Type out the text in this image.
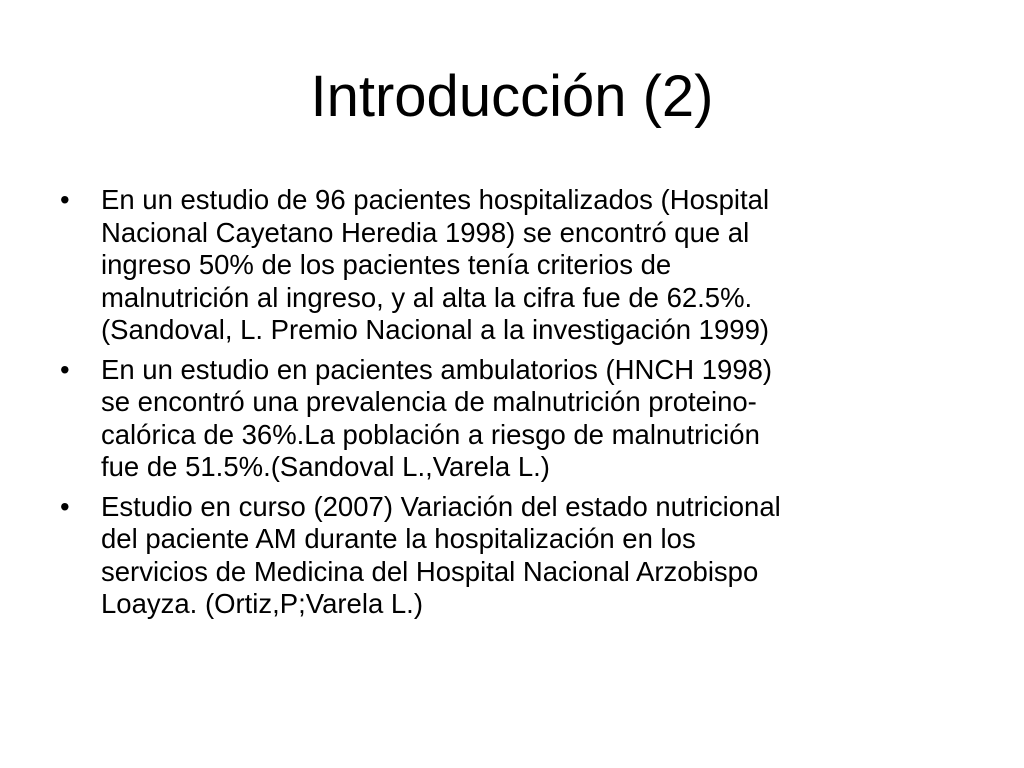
Introducción (2)
•	En un estudio de 96 pacientes hospitalizados (Hospital
Nacional Cayetano Heredia 1998) se encontró que al
ingreso 50% de los pacientes tenía criterios de
malnutrición al ingreso, y al alta la cifra fue de 62.5%.
(Sandoval, L. Premio Nacional a la investigación 1999)
•	En un estudio en pacientes ambulatorios (HNCH 1998)
se encontró una prevalencia de malnutrición proteino-
calórica de 36%.La población a riesgo de malnutrición
fue de 51.5%.(Sandoval L.,Varela L.)
•	Estudio en curso (2007) Variación del estado nutricional
del paciente AM durante la hospitalización en los
servicios de Medicina del Hospital Nacional Arzobispo
Loayza. (Ortiz,P;Varela L.)
